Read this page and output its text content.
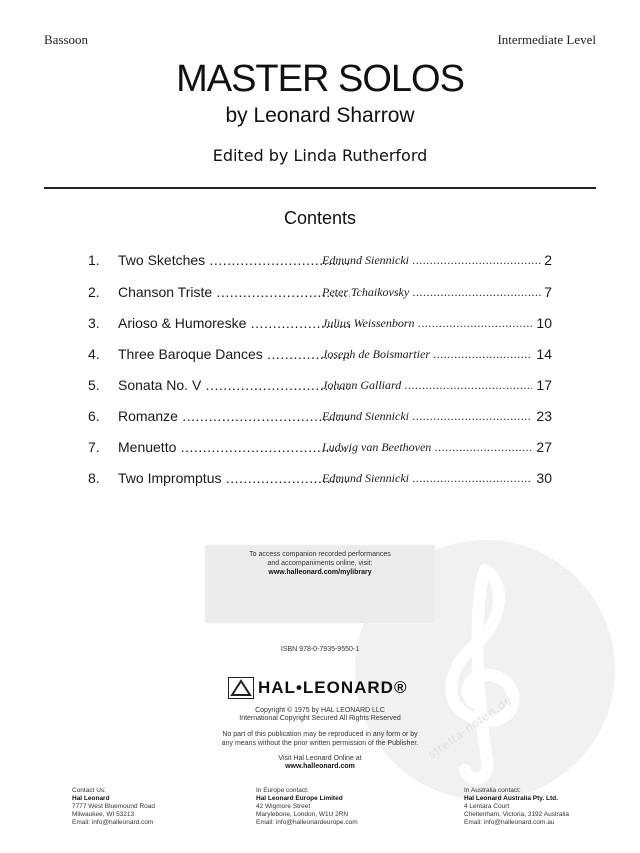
stretta-noten.de
Bassoon	Intermediate Level
MASTER SOLOS
by Leonard Sharrow
Edited by Linda Rutherford
Contents
1.	Two Sketches .....	Edmund Siennicki .....	2
2.	Chanson Triste .....	Peter Tchaikovsky .....	7
3.	Arioso & Humoreske .....	Julius Weissenborn .....	10
4.	Three Baroque Dances .....	Joseph de Boismartier .....	14
5.	Sonata No. V .....	Johann Galliard .....	17
6.	Romanze .....	Edmund Siennicki .....	23
7.	Menuetto .....	Ludwig van Beethoven .....	27
8.	Two Impromptus .....	Edmund Siennicki .....	30
To access companion recorded performances
and accompaniments online, visit:
www.halleonard.com/mylibrary
ISBN 978-0-7935-9550-1
HAL•LEONARD®
Copyright © 1975 by HAL LEONARD LLC
International Copyright Secured All Rights Reserved
No part of this publication may be reproduced in any form or by
any means without the prior written permission of the Publisher.
Visit Hal Leonard Online at
www.halleonard.com
Contact Us:
Hal Leonard
7777 West Bluemound Road
Milwaukee, WI 53213
Email: info@halleonard.com
In Europe contact:
Hal Leonard Europe Limited
42 Wigmore Street
Marylebone, London, W1U 2RN
Email: info@halleonardeurope.com
In Australia contact:
Hal Leonard Australia Pty. Ltd.
4 Lentara Court
Cheltenham, Victoria, 3192 Australia
Email: info@halleonard.com.au
